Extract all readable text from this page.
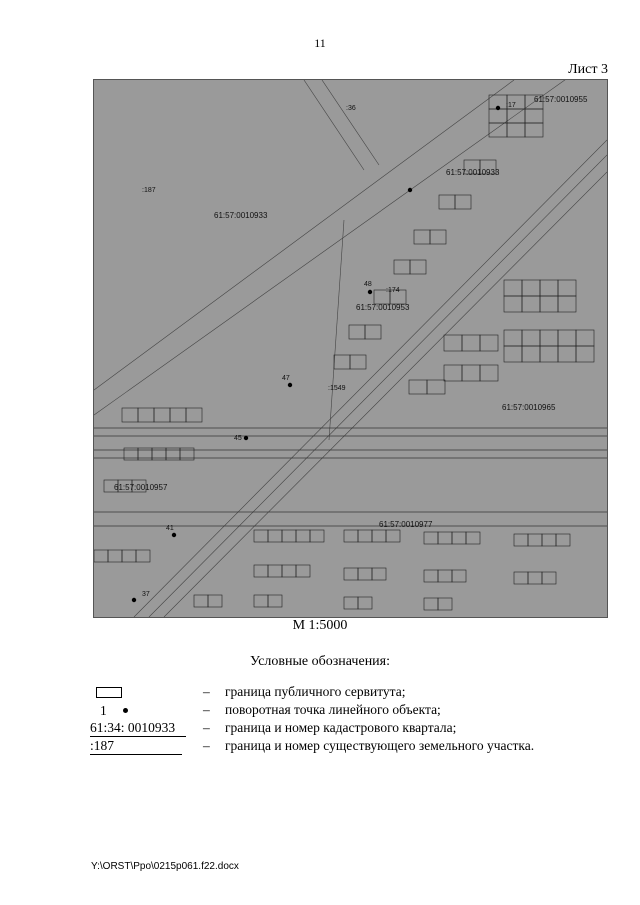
11
Лист 3
61:57:0010933
61:57:0010955
61:57:0010933
61:57:0010953
61:57:0010965
61:57:0010977
61:57:0010957
:187
:36	:17
:174
:1549
48
47
45
41
37
М 1:5000
Условные обозначения:
– граница публичного сервитута;
1	– поворотная точка линейного объекта;
61:34: 0010933	– граница и номер кадастрового квартала;
:187	– граница и номер существующего земельного участка.
Y:\ORST\Ppo\0215p061.f22.docx
